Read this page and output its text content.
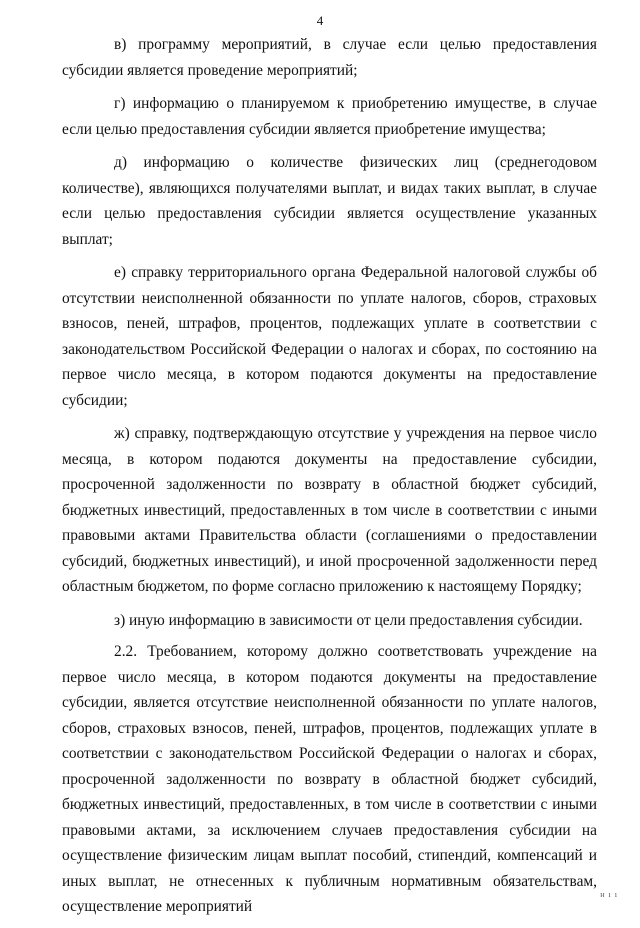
4

в) программу мероприятий, в случае если целью предоставления субсидии является проведение мероприятий;

г) информацию о планируемом к приобретению имуществе, в случае если целью предоставления субсидии является приобретение имущества;

д) информацию о количестве физических лиц (среднегодовом количестве), являющихся получателями выплат, и видах таких выплат, в случае если целью предоставления субсидии является осуществление указанных выплат;

е) справку территориального органа Федеральной налоговой службы об отсутствии неисполненной обязанности по уплате налогов, сборов, страховых взносов, пеней, штрафов, процентов, подлежащих уплате в соответствии с законодательством Российской Федерации о налогах и сборах, по состоянию на первое число месяца, в котором подаются документы на предоставление субсидии;

ж) справку, подтверждающую отсутствие у учреждения на первое число месяца, в котором подаются документы на предоставление субсидии, просроченной задолженности по возврату в областной бюджет субсидий, бюджетных инвестиций, предоставленных в том числе в соответствии с иными правовыми актами Правительства области (соглашениями о предоставлении субсидий, бюджетных инвестиций), и иной просроченной задолженности перед областным бюджетом, по форме согласно приложению к настоящему Порядку;

з) иную информацию в зависимости от цели предоставления субсидии.

2.2. Требованием, которому должно соответствовать учреждение на первое число месяца, в котором подаются документы на предоставление субсидии, является отсутствие неисполненной обязанности по уплате налогов, сборов, страховых взносов, пеней, штрафов, процентов, подлежащих уплате в соответствии с законодательством Российской Федерации о налогах и сборах, просроченной задолженности по возврату в областной бюджет субсидий, бюджетных инвестиций, предоставленных, в том числе в соответствии с иными правовыми актами, за исключением случаев предоставления субсидии на осуществление физическим лицам выплат пособий, стипендий, компенсаций и иных выплат, не отнесенных к публичным нормативным обязательствам, осуществление мероприятий

н ı ı
